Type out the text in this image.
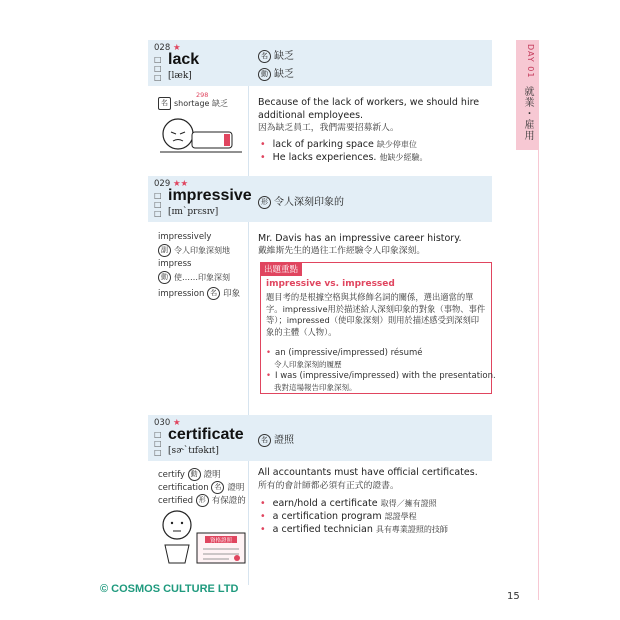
DAY 01
就業・雇用
028 ★
□
□
□
lack
[læk]
名 缺乏
動 缺乏
298
名 shortage 缺乏	Because of the lack of workers, we should hire additional employees.
因為缺乏員工，我們需要招募新人。
• lack of parking space 缺少停車位
• He lacks experiences. 他缺少經驗。
029 ★★
□
□
□
impressive
[ɪmˋprɛsɪv]
形 令人深刻印象的
impressively
副 令人印象深刻地
impress
動 使……印象深刻
impression 名 印象
Mr. Davis has an impressive career history.
戴維斯先生的過往工作經驗令人印象深刻。
出題重點
impressive vs. impressed
題目考的是根據空格與其修飾名詞的關係，選出適當的單字。impressive用於描述給人深刻印象的對象（事物、事件等）；impressed（使印象深刻）則用於描述感受到深刻印象的主體（人物）。
• an (impressive/impressed) résumé
令人印象深刻的履歷
• I was (impressive/impressed) with the presentation.
我對這場報告印象深刻。
030 ★
□
□
□
certificate
[sɚˋtɪfəkɪt]
名 證照
certify 動 證明
certification 名 證明
certified 形 有保證的
資格證照
All accountants must have official certificates.
所有的會計師都必須有正式的證書。
• earn/hold a certificate 取得／擁有證照
• a certification program 認證學程
• a certified technician 具有專業證照的技師
© COSMOS CULTURE LTD
15
